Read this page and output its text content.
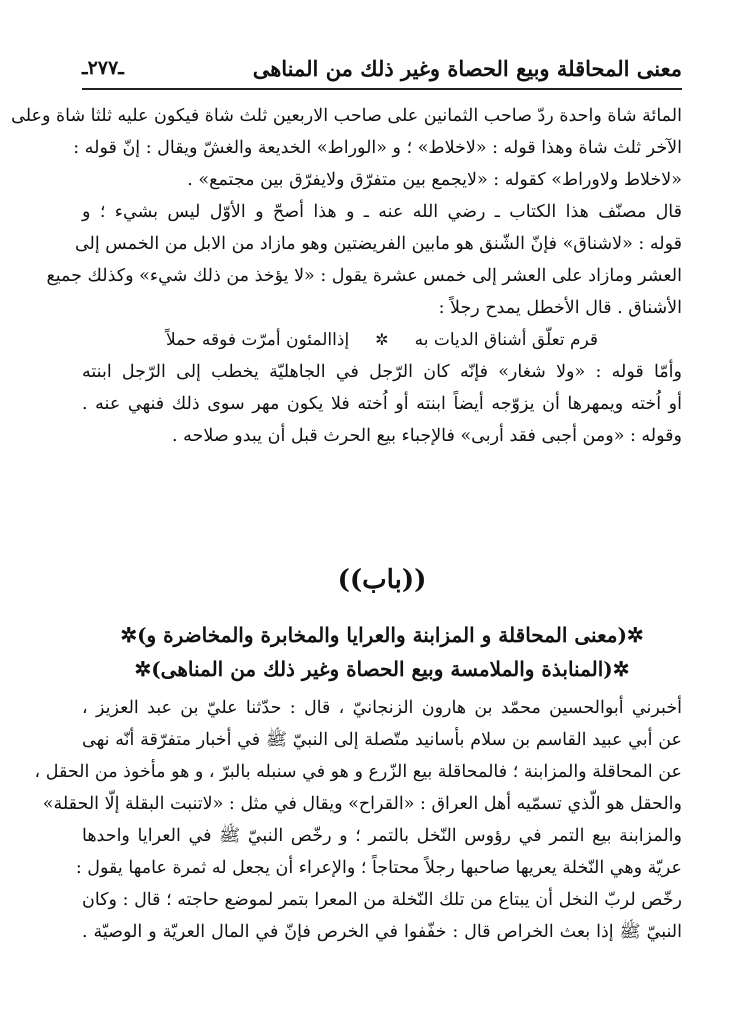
معنى المحاقلة وبيع الحصاة وغير ذلك من المناهى
ـ٢٧٧ـ
المائة شاة واحدة ردّ صاحب الثمانين على صاحب الاربعين ثلث شاة فيكون عليه ثلثا شاة وعلى
الآخر ثلث شاة وهذا قوله : «لاخلاط» ؛ و «الوراط» الخديعة والغشّ ويقال : إنّ قوله :
«لاخلاط ولاوراط» كقوله : «لايجمع بين متفرّق ولايفرّق بين مجتمع» .
قال مصنّف هذا الكتاب ـ رضي الله عنه ـ و هذا أصحّ و الأوّل ليس بشيء ؛ و
قوله : «لاشناق» فإنّ الشّنق هو مابين الفريضتين وهو مازاد من الابل من الخمس إلى
العشر ومازاد على العشر إلى خمس عشرة يقول : «لا يؤخذ من ذلك شيء» وكذلك جميع
الأشناق . قال الأخطل يمدح رجلاً :
قرم تعلّق أشناق الديات به
✲
إذاالمئون أمرّت فوقه حملاً
وأمّا قوله : «ولا شغار» فإنّه كان الرّجل في الجاهليّة يخطب إلى الرّجل ابنته
أو اُخته ويمهرها أن يزوّجه أيضاً ابنته أو اُخته فلا يكون مهر سوى ذلك فنهي عنه .
وقوله : «ومن أجبى فقد أربى» فالإجباء بيع الحرث قبل أن يبدو صلاحه .
((باب))
✲(معنى المحاقلة و المزابنة والعرايا والمخابرة والمخاضرة و)✲
✲(المنابذة والملامسة وبيع الحصاة وغير ذلك من المناهى)✲
أخبرني أبوالحسين محمّد بن هارون الزنجانيّ ، قال : حدّثنا عليّ بن عبد العزيز ،
عن أبي عبيد القاسم بن سلام بأسانيد متّصلة إلى النبيّ ﷺ في أخبار متفرّقة أنّه نهى
عن المحاقلة والمزابنة ؛ فالمحاقلة بيع الزّرع و هو في سنبله بالبرّ ، و هو مأخوذ من الحقل ،
والحقل هو الّذي تسمّيه أهل العراق : «القراح» ويقال في مثل : «لاتنبت البقلة إلّا الحقلة»
والمزابنة بيع التمر في رؤوس النّخل بالتمر ؛ و رخّص النبيّ ﷺ في العرايا واحدها
عريّة وهي النّخلة يعريها صاحبها رجلاً محتاجاً ؛ والإعراء أن يجعل له ثمرة عامها يقول :
رخّص لربّ النخل أن يبتاع من تلك النّخلة من المعرا بتمر لموضع حاجته ؛ قال : وكان
النبيّ ﷺ إذا بعث الخراص قال : خفّفوا في الخرص فإنّ في المال العريّة و الوصيّة .
